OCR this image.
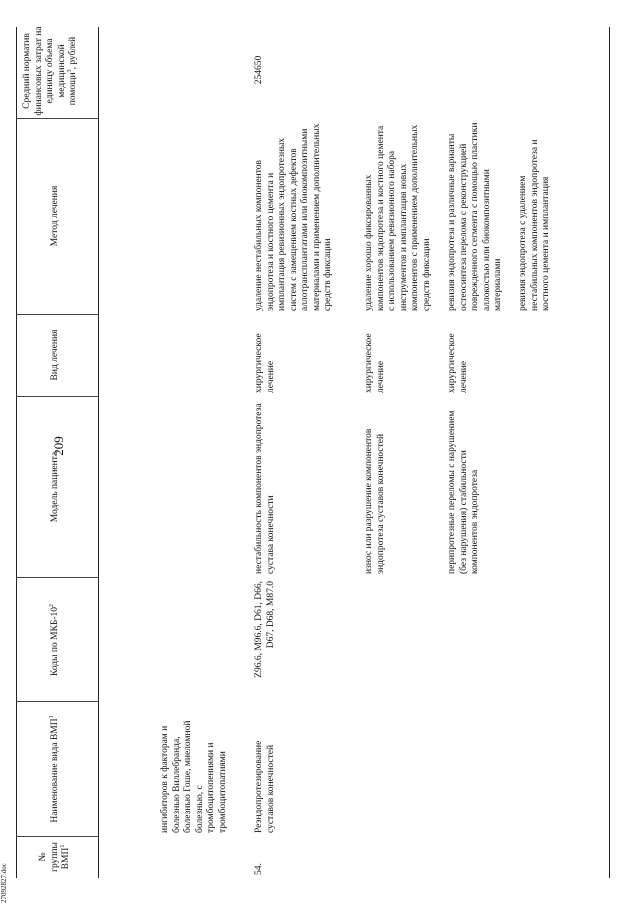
209
№ группы ВМП$^1$
Наименование вида ВМП$^1$
Коды по МКБ-$10^2$
Модель пациента
Вид лечения
Метод лечения
Средний норматив финансовых затрат на единицу объема медицинской помощи$^3$, рублей
ингибиторов к факторам и болезнью Виллебранда, болезнью Гоше, миеломной болезнью, с тромбоцитопениями и тромбоцитопатиями
54.
Реэндопротезирование суставов конечностей
Z96.6, M96.6, D61, D66, D67, D68, M87.0
254650
нестабильность компонентов эндопротеза сустава конечности
хирургическое лечение
удаление нестабильных компонентов эндопротеза и костного цемента и имплантация ревизионных эндопротезных систем с замещением костных дефектов аллотрансплантатами или биокомпозитными материалами и применением дополнительных средств фиксации
износ или разрушение компонентов эндопротеза суставов конечностей
хирургическое лечение
удаление хорошо фиксированных компонентов эндопротеза и костного цемента с использованием ревизионного набора инструментов и имплантация новых компонентов с применением дополнительных средств фиксации
перипротезные переломы с нарушением (без нарушения) стабильности компонентов эндопротеза
хирургическое лечение
ревизия эндопротеза и различные варианты остеосинтеза перелома с реконструкцией поврежденного сегмента с помощью пластики аллокостью или биокомпозитными материалами ревизия эндопротеза с удалением нестабильных компонентов эндопротеза и костного цемента и имплантация
27092827.doc
